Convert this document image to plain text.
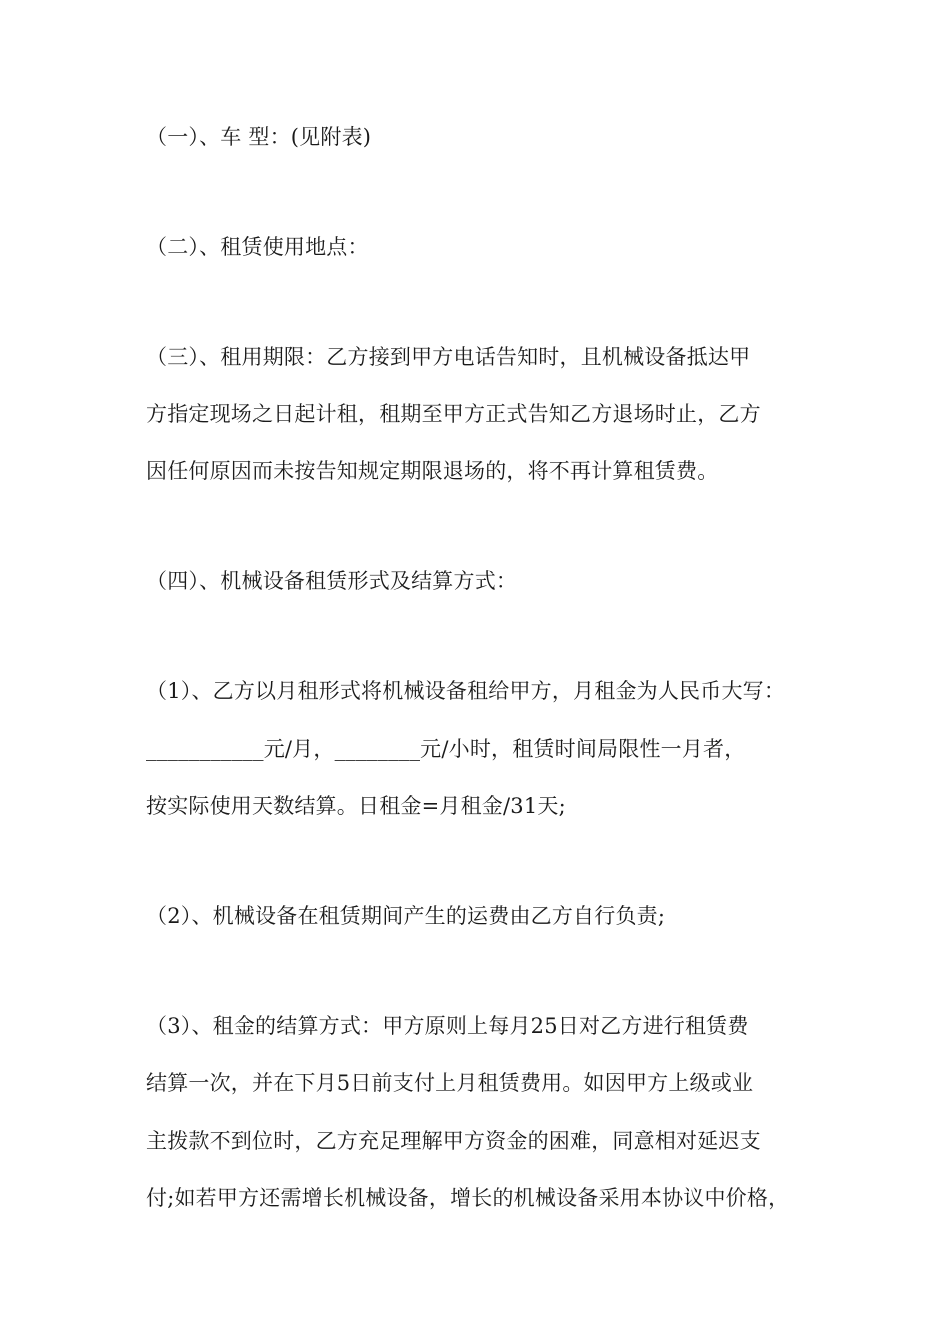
（一）、车 型：(见附表)
（二）、租赁使用地点：
（三）、租用期限：乙方接到甲方电话告知时，且机械设备抵达甲
方指定现场之日起计租，租期至甲方正式告知乙方退场时止，乙方
因任何原因而未按告知规定期限退场的，将不再计算租赁费。
（四）、机械设备租赁形式及结算方式：
（1）、乙方以月租形式将机械设备租给甲方，月租金为人民币大写：
___________元/月，________元/小时，租赁时间局限性一月者，
按实际使用天数结算。日租金=月租金/31天;
（2）、机械设备在租赁期间产生的运费由乙方自行负责;
（3）、租金的结算方式：甲方原则上每月25日对乙方进行租赁费
结算一次，并在下月5日前支付上月租赁费用。如因甲方上级或业
主拨款不到位时，乙方充足理解甲方资金的困难，同意相对延迟支
付;如若甲方还需增长机械设备，增长的机械设备采用本协议中价格，
